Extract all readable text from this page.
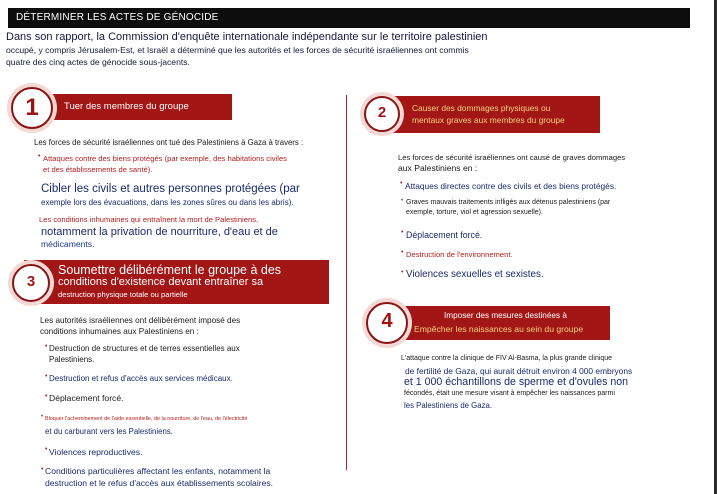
DÉTERMINER LES ACTES DE GÉNOCIDE
Dans son rapport, la Commission d'enquête internationale indépendante sur le territoire palestinien
occupé, y compris Jérusalem-Est, et Israël a déterminé que les autorités et les forces de sécurité israéliennes ont commis
quatre des cinq actes de génocide sous-jacents.
Tuer des membres du groupe
1
Les forces de sécurité israéliennes ont tué des Palestiniens à Gaza à travers :
• Attaques contre des biens protégés (par exemple, des habitations civiles
et des établissements de santé).
Cibler les civils et autres personnes protégées (par
exemple lors des évacuations, dans les zones sûres ou dans les abris).
Les conditions inhumaines qui entraînent la mort de Palestiniens,
notamment la privation de nourriture, d'eau et de
médicaments.
Soumettre délibérément le groupe à des
conditions d'existence devant entraîner sa
destruction physique totale ou partielle
3
Les autorités israéliennes ont délibérément imposé des
conditions inhumaines aux Palestiniens en :
• Destruction de structures et de terres essentielles aux
Palestiniens.
• Destruction et refus d'accès aux services médicaux.
• Déplacement forcé.
• Bloquer l'acheminement de l'aide essentielle, de la nourriture, de l'eau, de l'électricité
et du carburant vers les Palestiniens.
• Violences reproductives.
• Conditions particulières affectant les enfants, notamment la
destruction et le refus d'accès aux établissements scolaires.
Causer des dommages physiques ou
mentaux graves aux membres du groupe
2
Les forces de sécurité israéliennes ont causé de graves dommages
aux Palestiniens en :
• Attaques directes contre des civils et des biens protégés.
• Graves mauvais traitements infligés aux détenus palestiniens (par
exemple, torture, viol et agression sexuelle).
• Déplacement forcé.
• Destruction de l'environnement.
• Violences sexuelles et sexistes.
Imposer des mesures destinées à
Empêcher les naissances au sein du groupe
4
L'attaque contre la clinique de FIV Al-Basma, la plus grande clinique
de fertilité de Gaza, qui aurait détruit environ 4 000 embryons
et 1 000 échantillons de sperme et d'ovules non
fécondés, était une mesure visant à empêcher les naissances parmi
les Palestiniens de Gaza.
